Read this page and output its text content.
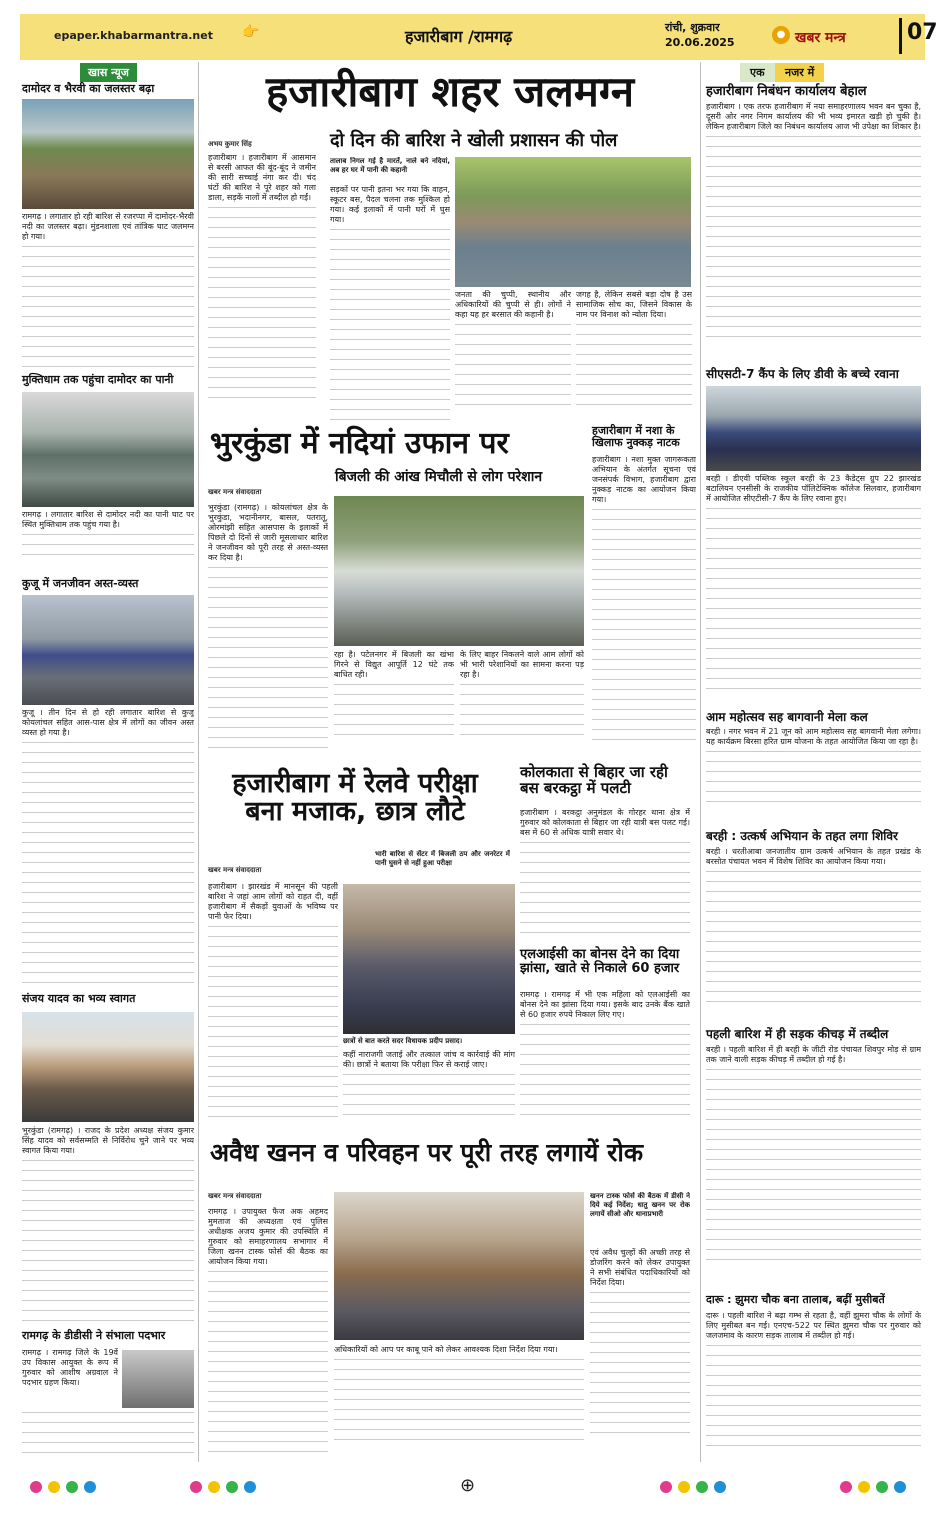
epaper.khabarmantra.net 👉	हजारीबाग /रामगढ़	रांची, शुक्रवार
20.06.2025
● खबर मन्त्र	07
खास न्यूज
दामोदर व भैरवी का जलस्तर बढ़ा
रामगढ़ । लगातार हो रही बारिश से रजरप्पा में दामोदर-भैरवी नदी का जलस्तर बढ़ा। मुंडनशाला एवं तांत्रिक घाट जलमग्न हो गया।
मुक्तिधाम तक पहुंचा दामोदर का पानी
रामगढ़ । लगातार बारिश से दामोदर नदी का पानी घाट पर स्थित मुक्तिधाम तक पहुंच गया है।
कुजू में जनजीवन अस्त-व्यस्त
कुजू । तीन दिन से हो रही लगातार बारिश से कुजू कोयलांचल सहित आस-पास क्षेत्र में लोगों का जीवन अस्त व्यस्त हो गया है।
संजय यादव का भव्य स्वागत
भुरकुंडा (रामगढ़) । राजद के प्रदेश अध्यक्ष संजय कुमार सिंह यादव को सर्वसम्मति से निर्विरोध चुने जाने पर भव्य स्वागत किया गया।
रामगढ़ के डीडीसी ने संभाला पदभार
रामगढ़ । रामगढ़ जिले के 19वें उप विकास आयुक्त के रूप में गुरुवार को आशीष अग्रवाल ने पदभार ग्रहण किया।
हजारीबाग शहर जलमग्न
अभय कुमार सिंह
हजारीबाग । हजारीबाग में आसमान से बरसी आफत की बूंद-बूंद ने जमीन की सारी सच्चाई नंगा कर दी। चंद घंटों की बारिश ने पूरे शहर को गला डाला, सड़कें नालों में तब्दील हो गईं।
दो दिन की बारिश ने खोली प्रशासन की पोल
तालाब निगल गई है मारतें, नाले बने नदियां, अब हर घर में पानी की कहानी
सड़कों पर पानी इतना भर गया कि वाहन, स्कूटर बस, पैदल चलना तक मुश्किल हो गया। कई इलाकों में पानी घरों में घुस गया।
जनता की चुप्पी, स्थानीय और अधिकारियों की चुप्पी से ही। लोगों ने कहा यह हर बरसात की कहानी है।
जगह है, लेकिन सबसे बड़ा दोष है उस सामाजिक सोच का, जिसने विकास के नाम पर विनाश को न्योता दिया।
भुरकुंडा में नदियां उफान पर
बिजली की आंख मिचौली से लोग परेशान
खबर मन्त्र संवाददाता
भुरकुंडा (रामगढ़) । कोयलांचल क्षेत्र के भुरकुंडा, भदानीनगर, बासल, पतरातू, ओरमांझी सहित आसपास के इलाकों में पिछले दो दिनों से जारी मूसलाधार बारिश ने जनजीवन को पूरी तरह से अस्त-व्यस्त कर दिया है।
रहा है। पटेलनगर में बिजली का खंभा गिरने से विद्युत आपूर्ति 12 घंटे तक बाधित रही।
के लिए बाहर निकलने वाले आम लोगों को भी भारी परेशानियों का सामना करना पड़ रहा है।
हजारीबाग में नशा के खिलाफ नुक्कड़ नाटक
हजारीबाग । नशा मुक्त जागरूकता अभियान के अंतर्गत सूचना एवं जनसंपर्क विभाग, हजारीबाग द्वारा नुक्कड़ नाटक का आयोजन किया गया।
हजारीबाग में रेलवे परीक्षा बना मजाक, छात्र लौटे
भारी बारिश से सेंटर में बिजली ठप और जनरेटर में पानी घुसने से नहीं हुआ परीक्षा
खबर मन्त्र संवाददाता
हजारीबाग । झारखंड में मानसून की पहली बारिश ने जहां आम लोगों को राहत दी, वहीं हजारीबाग में सैकड़ों युवाओं के भविष्य पर पानी फेर दिया।
छात्रों से बात करते सदर विधायक प्रदीप प्रसाद।
कहीं नाराजगी जताई और तत्काल जांच व कार्रवाई की मांग की। छात्रों ने बताया कि परीक्षा फिर से कराई जाए।
कोलकाता से बिहार जा रही बस बरकट्ठा में पलटी
हजारीबाग । बरकट्ठा अनुमंडल के गोरहर थाना क्षेत्र में गुरुवार को कोलकाता से बिहार जा रही यात्री बस पलट गई। बस में 60 से अधिक यात्री सवार थे।
एलआईसी का बोनस देने का दिया झांसा, खाते से निकाले 60 हजार
रामगढ़ । रामगढ़ में भी एक महिला को एलआईसी का बोनस देने का झांसा दिया गया। इसके बाद उनके बैंक खाते से 60 हजार रुपये निकाल लिए गए।
अवैध खनन व परिवहन पर पूरी तरह लगायें रोक
खबर मन्त्र संवाददाता
रामगढ़ । उपायुक्त फैज अक अहमद मुमताज की अध्यक्षता एवं पुलिस अधीक्षक अजय कुमार की उपस्थिति में गुरुवार को समाहरणालय सभागार में जिला खनन टास्क फोर्स की बैठक का आयोजन किया गया।
खनन टास्क फोर्स की बैठक में डीसी ने दिये कई निर्देश; धातु खनन पर रोक लगायें सीओ और थानाप्रभारी
एवं अवैध चुल्हों की अच्छी तरह से डोजरिंग करने को लेकर उपायुक्त ने सभी संबंधित पदाधिकारियों को निर्देश दिया।
अधिकारियों को आप पर काबू पाने को लेकर आवश्यक दिशा निर्देश दिया गया।
एक	नजर में
हजारीबाग निबंधन कार्यालय बेहाल
हजारीबाग । एक तरफ हजारीबाग में नया समाहरणालय भवन बन चुका है, दूसरी ओर नगर निगम कार्यालय की भी भव्य इमारत खड़ी हो चुकी है। लेकिन हजारीबाग जिले का निबंधन कार्यालय आज भी उपेक्षा का शिकार है।
सीएसटी-7 कैंप के लिए डीवी के बच्चे रवाना
बरही । डीएवी पब्लिक स्कूल बरही के 23 कैडेट्स ग्रुप 22 झारखंड बटालियन एनसीसी के राजकीय पॉलिटेक्निक कॉलेज सिलवार, हजारीबाग में आयोजित सीएटीसी-7 कैंप के लिए रवाना हुए।
आम महोत्सव सह बागवानी मेला कल
बरही । नगर भवन में 21 जून को आम महोत्सव सह बागवानी मेला लगेगा। यह कार्यक्रम बिरसा हरित ग्राम योजना के तहत आयोजित किया जा रहा है।
बरही : उत्कर्ष अभियान के तहत लगा शिविर
बरही । धरतीआबा जनजातीय ग्राम उत्कर्ष अभियान के तहत प्रखंड के बरसोत पंचायत भवन में विशेष शिविर का आयोजन किया गया।
पहली बारिश में ही सड़क कीचड़ में तब्दील
बरही । पहली बारिश में ही बरही के जीटी रोड पंचायत शिवपुर मोड़ से ग्राम तक जाने वाली सड़क कीचड़ में तब्दील हो गई है।
दारू : झुमरा चौक बना तालाब, बढ़ीं मुसीबतें
दारू । पहली बारिश ने बढ़ा गम्भ से रहता है, वहीं झुमरा चौक के लोगों के लिए मुसीबत बन गई। एनएच-522 पर स्थित झुमरा चौक पर गुरुवार को जलजमाव के कारण सड़क तालाब में तब्दील हो गई।
⊕
